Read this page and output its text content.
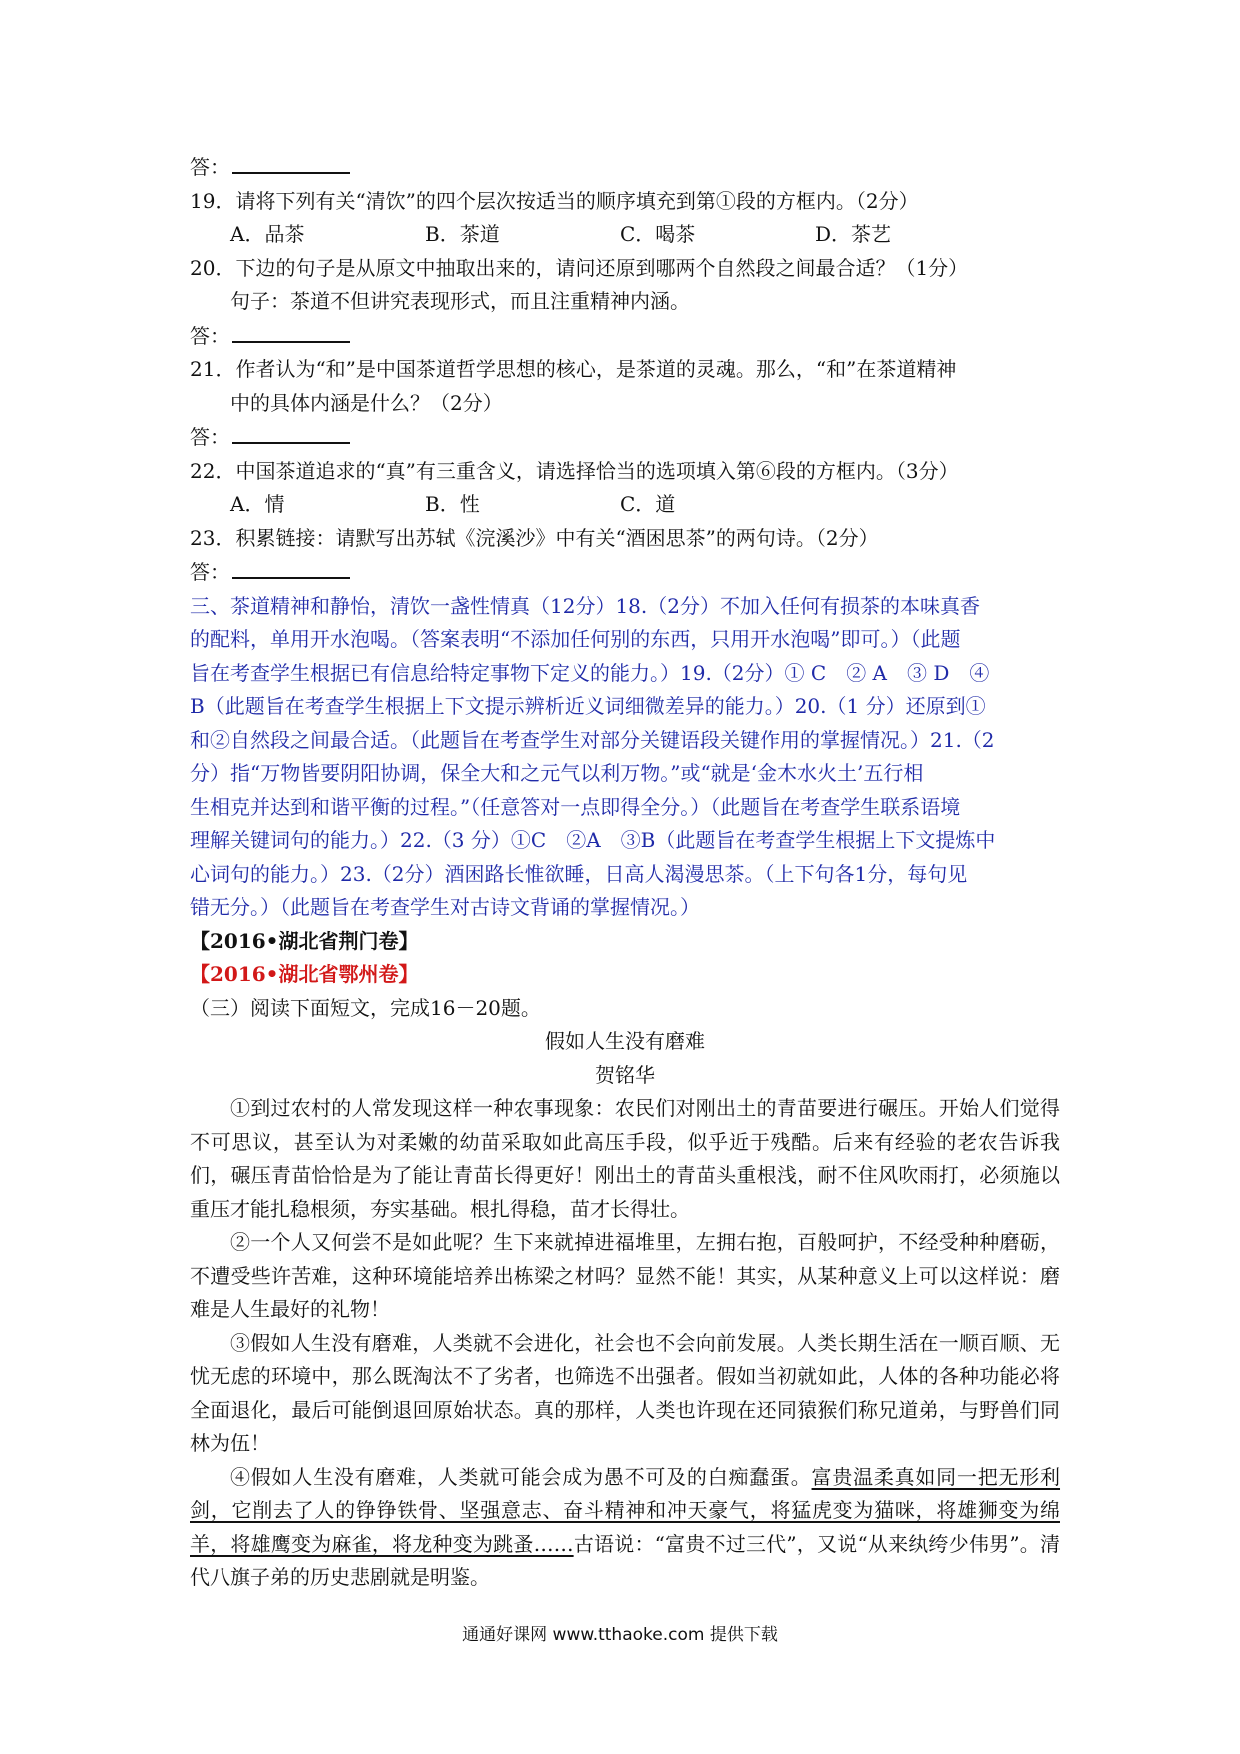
答：
19．请将下列有关“清饮”的四个层次按适当的顺序填充到第①段的方框内。（2分）
A．品茶	B．茶道	C．喝茶	D．茶艺
20．下边的句子是从原文中抽取出来的，请问还原到哪两个自然段之间最合适？（1分）
句子：茶道不但讲究表现形式，而且注重精神内涵。
答：
21．作者认为“和”是中国茶道哲学思想的核心，是茶道的灵魂。那么，“和”在茶道精神
中的具体内涵是什么？（2分）
答：
22．中国茶道追求的“真”有三重含义，请选择恰当的选项填入第⑥段的方框内。（3分）
A．情	B．性	C．道
23．积累链接：请默写出苏轼《浣溪沙》中有关“酒困思茶”的两句诗。（2分）
答：
三、茶道精神和静怡，清饮一盏性情真（12分）18.（2分）不加入任何有损茶的本味真香
的配料，单用开水泡喝。（答案表明“不添加任何别的东西，只用开水泡喝”即可。）（此题
旨在考查学生根据已有信息给特定事物下定义的能力。）19.（2分）① C　② A　③ D　④
B（此题旨在考查学生根据上下文提示辨析近义词细微差异的能力。）20.（1 分）还原到①
和②自然段之间最合适。（此题旨在考查学生对部分关键语段关键作用的掌握情况。）21.（2
分）指“万物皆要阴阳协调，保全大和之元气以利万物。”或“就是‘金木水火土’五行相
生相克并达到和谐平衡的过程。”（任意答对一点即得全分。）（此题旨在考查学生联系语境
理解关键词句的能力。）22.（3 分）①C　②A　③B（此题旨在考查学生根据上下文提炼中
心词句的能力。）23.（2分）酒困路长惟欲睡，日高人渴漫思茶。（上下句各1分，每句见
错无分。）（此题旨在考查学生对古诗文背诵的掌握情况。）
【2016•湖北省荆门卷】
【2016•湖北省鄂州卷】
（三）阅读下面短文，完成16－20题。
假如人生没有磨难
贺铭华
①到过农村的人常发现这样一种农事现象：农民们对刚出土的青苗要进行碾压。开始人们觉得不可思议，甚至认为对柔嫩的幼苗采取如此高压手段，似乎近于残酷。后来有经验的老农告诉我们，碾压青苗恰恰是为了能让青苗长得更好！刚出土的青苗头重根浅，耐不住风吹雨打，必须施以重压才能扎稳根须，夯实基础。根扎得稳，苗才长得壮。
②一个人又何尝不是如此呢？生下来就掉进福堆里，左拥右抱，百般呵护，不经受种种磨砺，不遭受些许苦难，这种环境能培养出栋梁之材吗？显然不能！其实，从某种意义上可以这样说：磨难是人生最好的礼物！
③假如人生没有磨难，人类就不会进化，社会也不会向前发展。人类长期生活在一顺百顺、无忧无虑的环境中，那么既淘汰不了劣者，也筛选不出强者。假如当初就如此，人体的各种功能必将全面退化，最后可能倒退回原始状态。真的那样，人类也许现在还同猿猴们称兄道弟，与野兽们同林为伍！
④假如人生没有磨难，人类就可能会成为愚不可及的白痴蠢蛋。富贵温柔真如同一把无形利剑，它削去了人的铮铮铁骨、坚强意志、奋斗精神和冲天豪气，将猛虎变为猫咪，将雄狮变为绵羊，将雄鹰变为麻雀，将龙种变为跳蚤……古语说：“富贵不过三代”，又说“从来纨绔少伟男”。清代八旗子弟的历史悲剧就是明鉴。
通通好课网 www.tthaoke.com 提供下载
